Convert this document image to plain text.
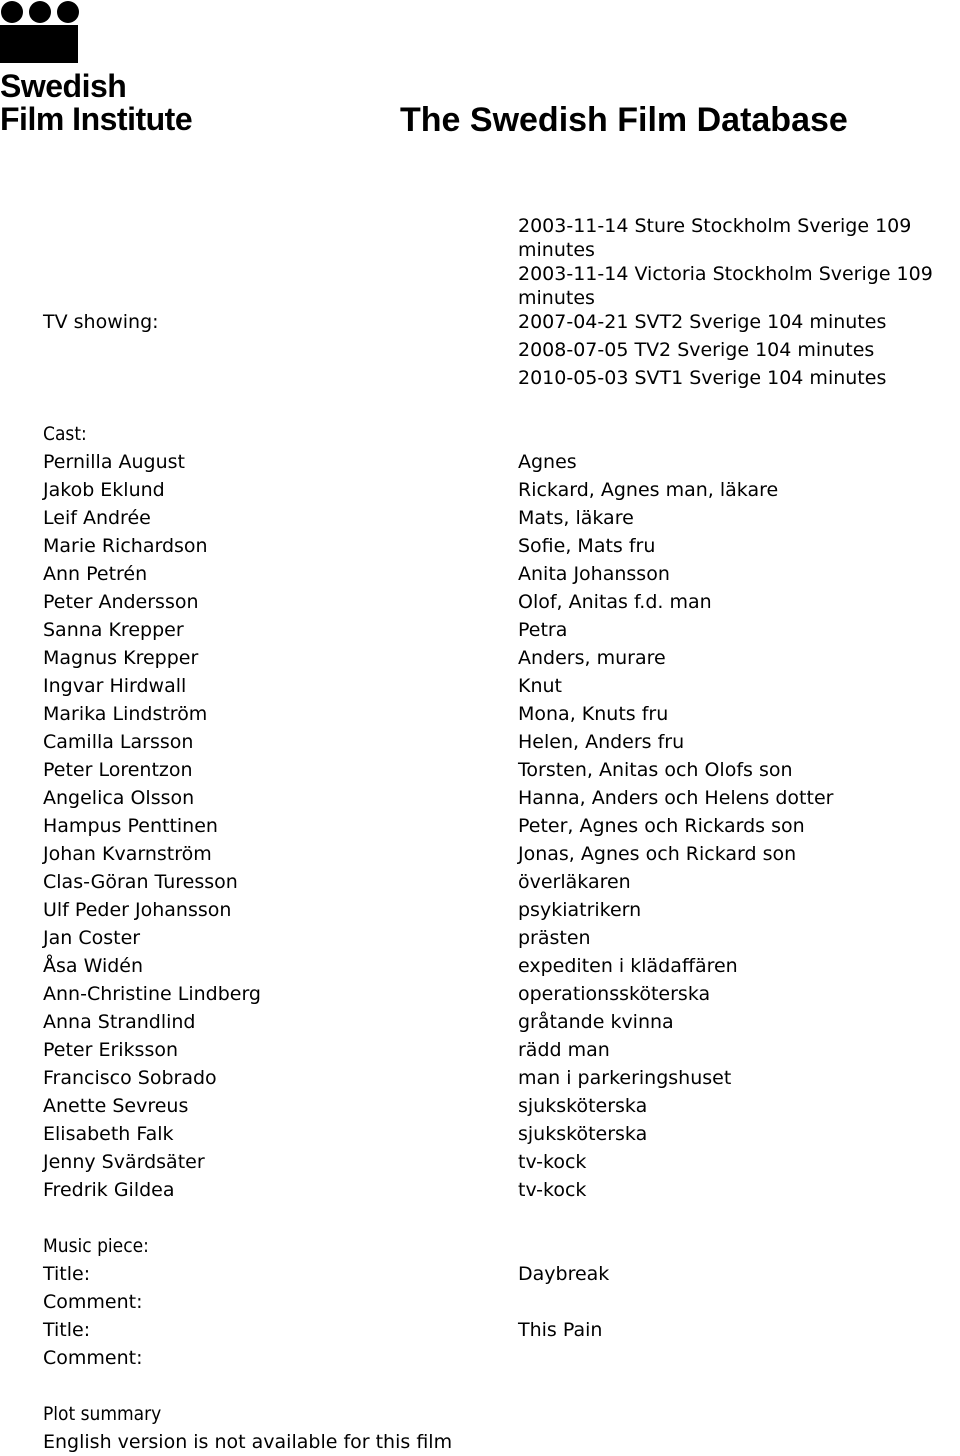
Swedish
Film Institute	The Swedish Film Database
2003-11-14 Sture Stockholm Sverige 109 minutes
2003-11-14 Victoria Stockholm Sverige 109 minutes
TV showing:	2007-04-21 SVT2 Sverige 104 minutes
2008-07-05 TV2 Sverige 104 minutes
2010-05-03 SVT1 Sverige 104 minutes
Cast:
Pernilla August	Agnes
Jakob Eklund	Rickard, Agnes man, läkare
Leif Andrée	Mats, läkare
Marie Richardson	Sofie, Mats fru
Ann Petrén	Anita Johansson
Peter Andersson	Olof, Anitas f.d. man
Sanna Krepper	Petra
Magnus Krepper	Anders, murare
Ingvar Hirdwall	Knut
Marika Lindström	Mona, Knuts fru
Camilla Larsson	Helen, Anders fru
Peter Lorentzon	Torsten, Anitas och Olofs son
Angelica Olsson	Hanna, Anders och Helens dotter
Hampus Penttinen	Peter, Agnes och Rickards son
Johan Kvarnström	Jonas, Agnes och Rickard son
Clas-Göran Turesson	överläkaren
Ulf Peder Johansson	psykiatrikern
Jan Coster	prästen
Åsa Widén	expediten i klädaffären
Ann-Christine Lindberg	operationssköterska
Anna Strandlind	gråtande kvinna
Peter Eriksson	rädd man
Francisco Sobrado	man i parkeringshuset
Anette Sevreus	sjuksköterska
Elisabeth Falk	sjuksköterska
Jenny Svärdsäter	tv-kock
Fredrik Gildea	tv-kock
Music piece:
Title:	Daybreak
Comment:
Title:	This Pain
Comment:
Plot summary
English version is not available for this film
